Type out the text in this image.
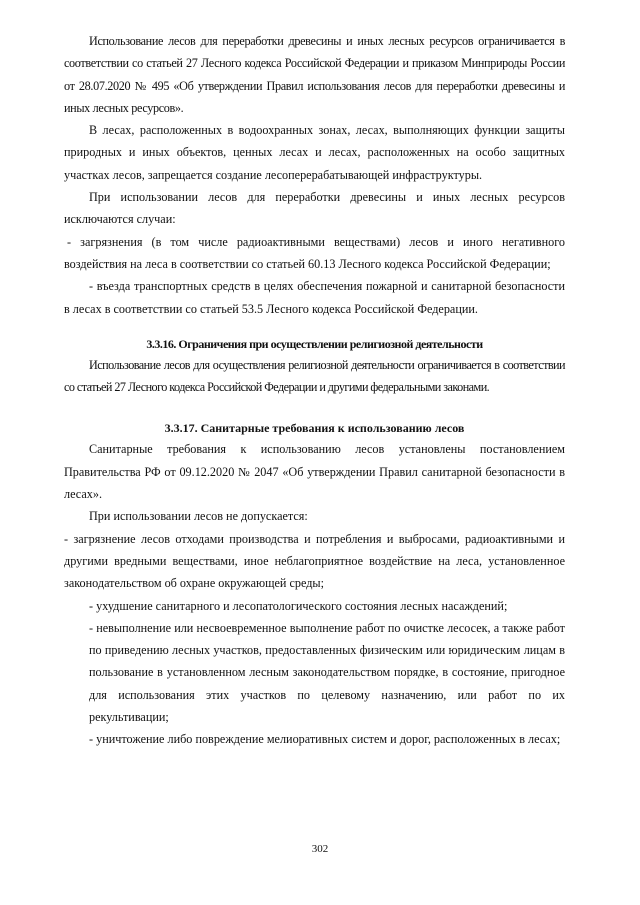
Использование лесов для переработки древесины и иных лесных ресурсов ограничивается в соответствии со статьей 27 Лесного кодекса Российской Федерации и приказом Минприроды России от 28.07.2020 № 495 «Об утверждении Правил использования лесов для переработки древесины и иных лесных ресурсов».

В лесах, расположенных в водоохранных зонах, лесах, выполняющих функции защиты природных и иных объектов, ценных лесах и лесах, расположенных на особо защитных участках лесов, запрещается создание лесоперерабатывающей инфраструктуры.

При использовании лесов для переработки древесины и иных лесных ресурсов исключаются случаи:

- загрязнения (в том числе радиоактивными веществами) лесов и иного негативного воздействия на леса в соответствии со статьей 60.13 Лесного кодекса Российской Федерации;

- въезда транспортных средств в целях обеспечения пожарной и санитарной безопасности в лесах в соответствии со статьей 53.5 Лесного кодекса Российской Федерации.

3.3.16. Ограничения при осуществлении религиозной деятельности

Использование лесов для осуществления религиозной деятельности ограничивается в соответствии со статьей 27 Лесного кодекса Российской Федерации и другими федеральными законами.

3.3.17. Санитарные требования к использованию лесов

Санитарные требования к использованию лесов установлены постановлением Правительства РФ от 09.12.2020 № 2047 «Об утверждении Правил санитарной безопасности в лесах».

При использовании лесов не допускается:

- загрязнение лесов отходами производства и потребления и выбросами, радиоактивными и другими вредными веществами, иное неблагоприятное воздействие на леса, установленное законодательством об охране окружающей среды;

- ухудшение санитарного и лесопатологического состояния лесных насаждений;

- невыполнение или несвоевременное выполнение работ по очистке лесосек, а также работ по приведению лесных участков, предоставленных физическим или юридическим лицам в пользование в установленном лесным законодательством порядке, в состояние, пригодное для использования этих участков по целевому назначению, или работ по их рекультивации;

- уничтожение либо повреждение мелиоративных систем и дорог, расположенных в лесах;

302
